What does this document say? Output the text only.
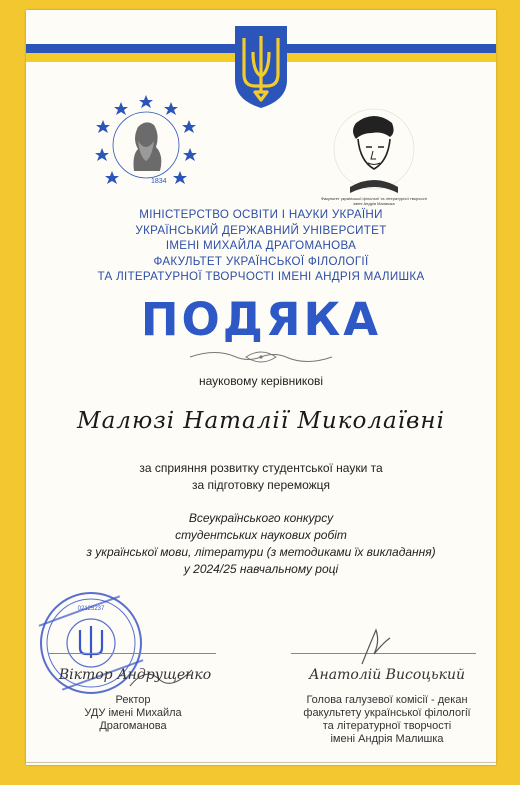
1834
Факультет української філології та літературної творчості
імені Андрія Малишка
МІНІСТЕРСТВО ОСВІТИ І НАУКИ УКРАЇНИ
УКРАЇНСЬКИЙ ДЕРЖАВНИЙ УНІВЕРСИТЕТ
ІМЕНІ МИХАЙЛА ДРАГОМАНОВА
ФАКУЛЬТЕТ УКРАЇНСЬКОЇ ФІЛОЛОГІЇ
ТА ЛІТЕРАТУРНОЇ ТВОРЧОСТІ ІМЕНІ АНДРІЯ МАЛИШКА
ПОДЯКА
науковому керівникові
Малюзі Наталії Миколаївні
за сприяння розвитку студентської науки та
за підготовку переможця
Всеукраїнського конкурсу
студентських наукових робіт
з української мови, літератури (з методиками їх викладання)
у 2024/25 навчальному році
02125237
Віктор Андрущенко	Анатолій Висоцький
Ректор
УДУ імені Михайла
Драгоманова
Голова галузевої комісії - декан
факультету української філології
та літературної творчості
імені Андрія Малишка
